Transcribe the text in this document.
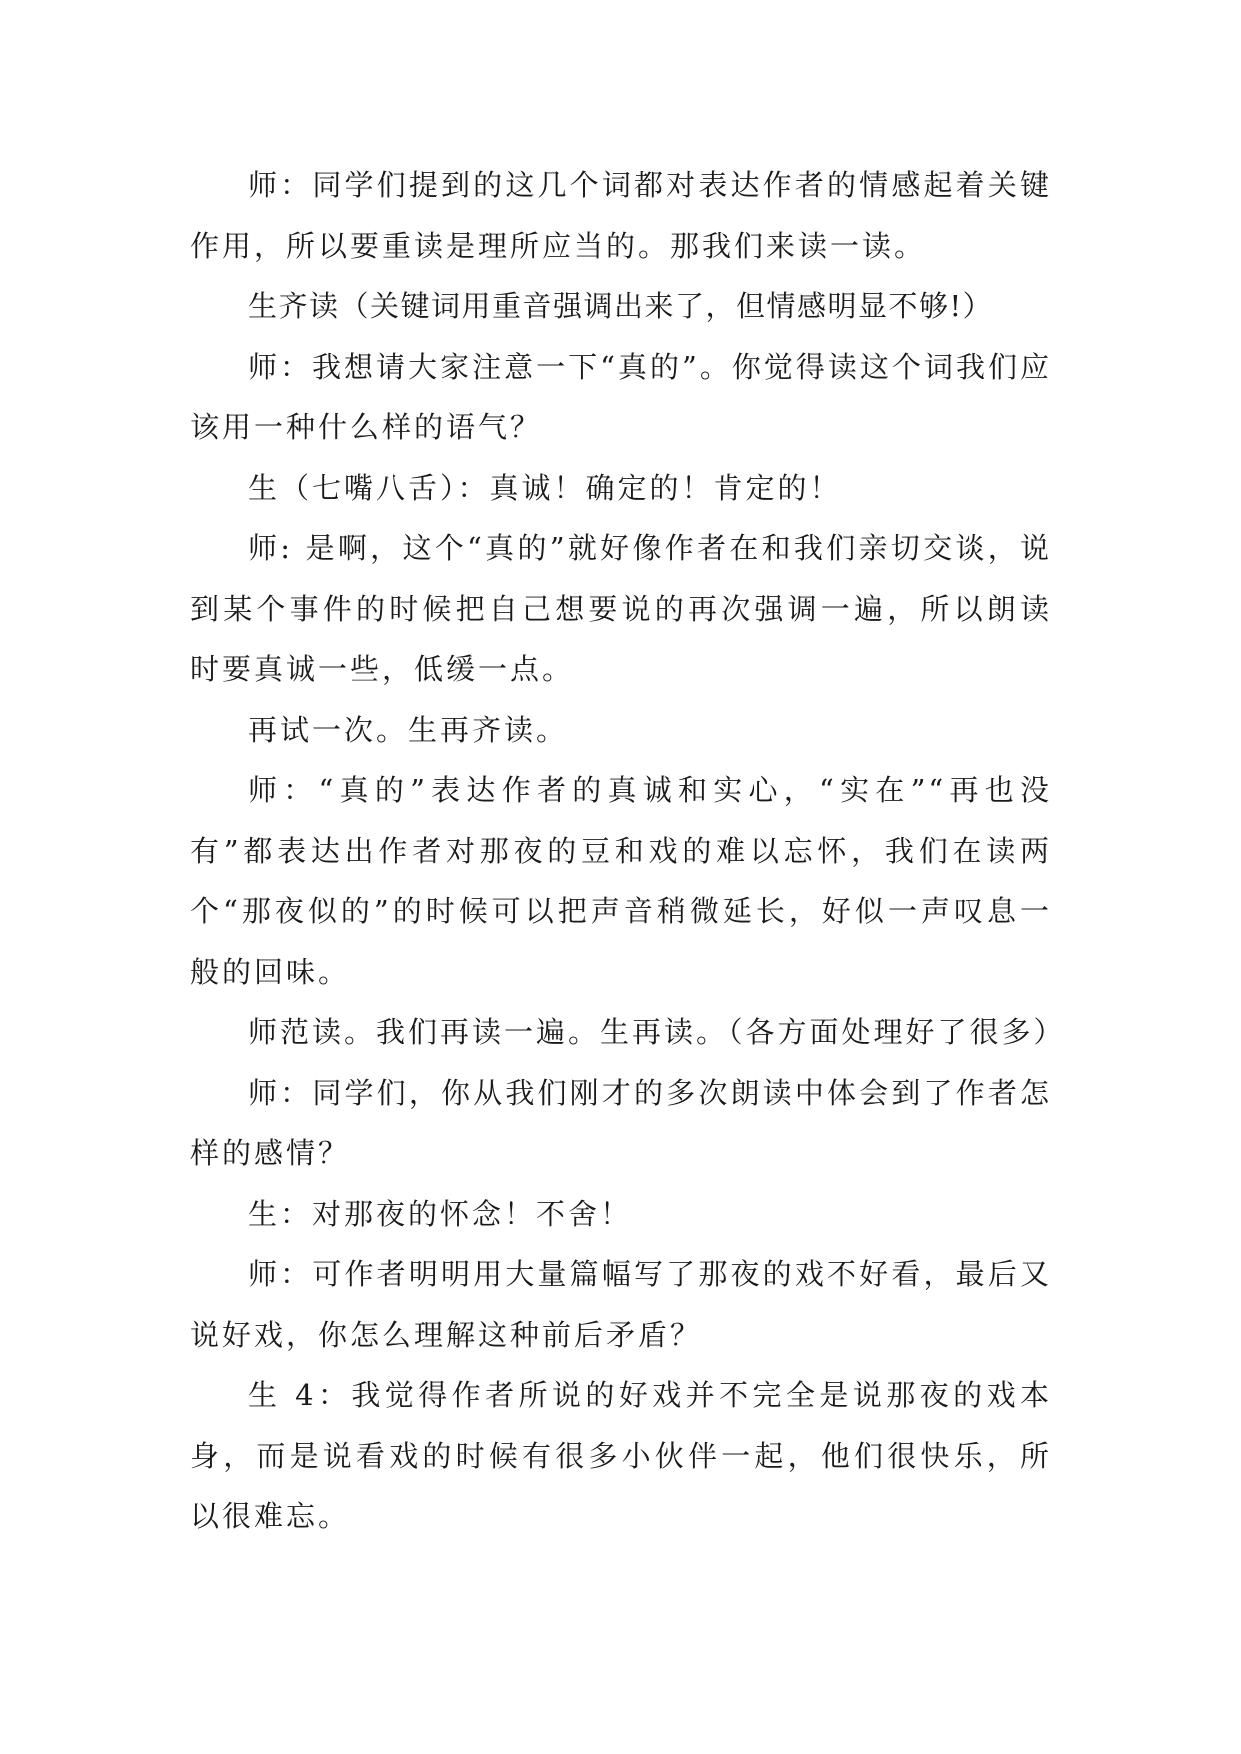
师：同学们提到的这几个词都对表达作者的情感起着关键作用，所以要重读是理所应当的。那我们来读一读。

生齐读（关键词用重音强调出来了，但情感明显不够!）

师：我想请大家注意一下“真的”。你觉得读这个词我们应该用一种什么样的语气？

生（七嘴八舌）：真诚！确定的！肯定的！

师: 是啊，这个“真的”就好像作者在和我们亲切交谈，说到某个事件的时候把自己想要说的再次强调一遍，所以朗读时要真诚一些，低缓一点。

再试一次。生再齐读。

师：“真的”表达作者的真诚和实心，“实在”“再也没有”都表达出作者对那夜的豆和戏的难以忘怀，我们在读两个“那夜似的”的时候可以把声音稍微延长，好似一声叹息一般的回味。

师范读。我们再读一遍。生再读。（各方面处理好了很多）

师：同学们，你从我们刚才的多次朗读中体会到了作者怎样的感情？

生：对那夜的怀念！不舍！

师：可作者明明用大量篇幅写了那夜的戏不好看，最后又说好戏，你怎么理解这种前后矛盾？

生 4：我觉得作者所说的好戏并不完全是说那夜的戏本身，而是说看戏的时候有很多小伙伴一起，他们很快乐，所以很难忘。
